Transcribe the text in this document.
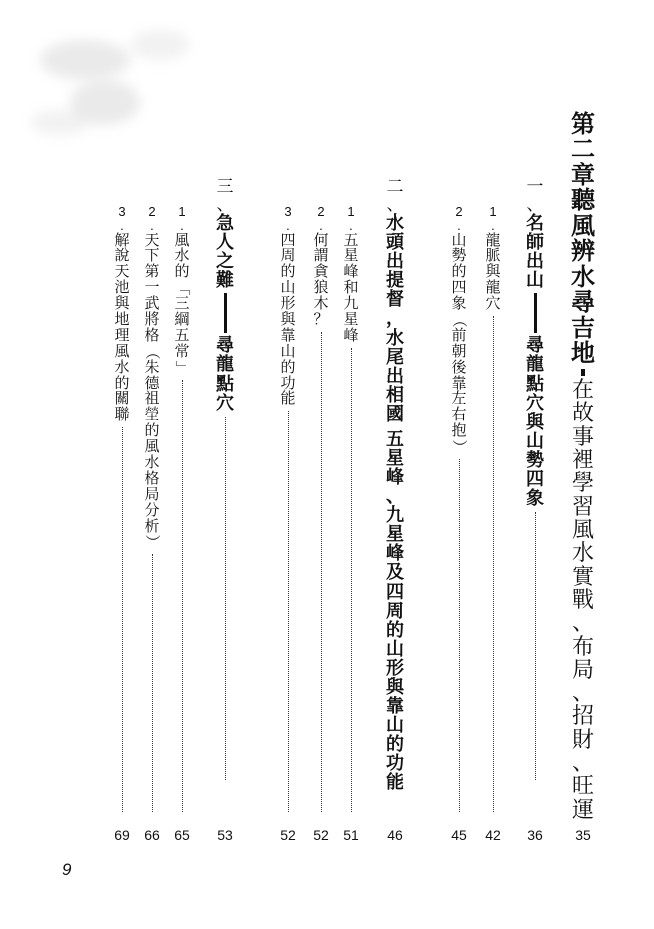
第
二
章
聽
風
辨
水
尋
吉
地
在
故
事
裡
學
習
風
水
實
戰
、
布
局
、
招
財
、
旺
運
35
一
、
名
師
出
山
尋
龍
點
穴
與
山
勢
四
象
36
1
.
龍
脈
與
龍
穴
42
2
.
山
勢
的
四
象
（
前
朝
後
靠
左
右
抱
）
45
二
、
水
頭
出
提
督
，
水
尾
出
相
國
五
星
峰
、
九
星
峰
及
四
周
的
山
形
與
靠
山
的
功
能
46
1
.
五
星
峰
和
九
星
峰
51
2
.
何
謂
貪
狼
木
？
52
3
.
四
周
的
山
形
與
靠
山
的
功
能
52
三
、
急
人
之
難
尋
龍
點
穴
53
1
.
風
水
的
「
三
綱
五
常
」
65
2
.
天
下
第
一
武
將
格
（
朱
德
祖
塋
的
風
水
格
局
分
析
）
66
3
.
解
說
天
池
與
地
理
風
水
的
關
聯
69
9
